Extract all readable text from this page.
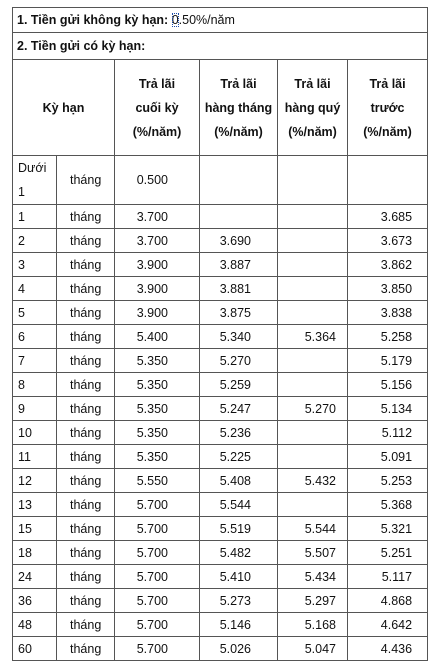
1. Tiền gửi không kỳ hạn: 0.50%/năm					
2. Tiền gửi có kỳ hạn:					
Kỳ hạn		Trả lãi
cuối kỳ
(%/năm)	Trả lãi
hàng tháng
(%/năm)	Trả lãi
hàng quý
(%/năm)	Trả lãi
trước
(%/năm)
Dưới 1	tháng	0.500			
1	tháng	3.700			3.685
2	tháng	3.700	3.690		3.673
3	tháng	3.900	3.887		3.862
4	tháng	3.900	3.881		3.850
5	tháng	3.900	3.875		3.838
6	tháng	5.400	5.340	5.364	5.258
7	tháng	5.350	5.270		5.179
8	tháng	5.350	5.259		5.156
9	tháng	5.350	5.247	5.270	5.134
10	tháng	5.350	5.236		5.112
11	tháng	5.350	5.225		5.091
12	tháng	5.550	5.408	5.432	5.253
13	tháng	5.700	5.544		5.368
15	tháng	5.700	5.519	5.544	5.321
18	tháng	5.700	5.482	5.507	5.251
24	tháng	5.700	5.410	5.434	5.117
36	tháng	5.700	5.273	5.297	4.868
48	tháng	5.700	5.146	5.168	4.642
60	tháng	5.700	5.026	5.047	4.436
